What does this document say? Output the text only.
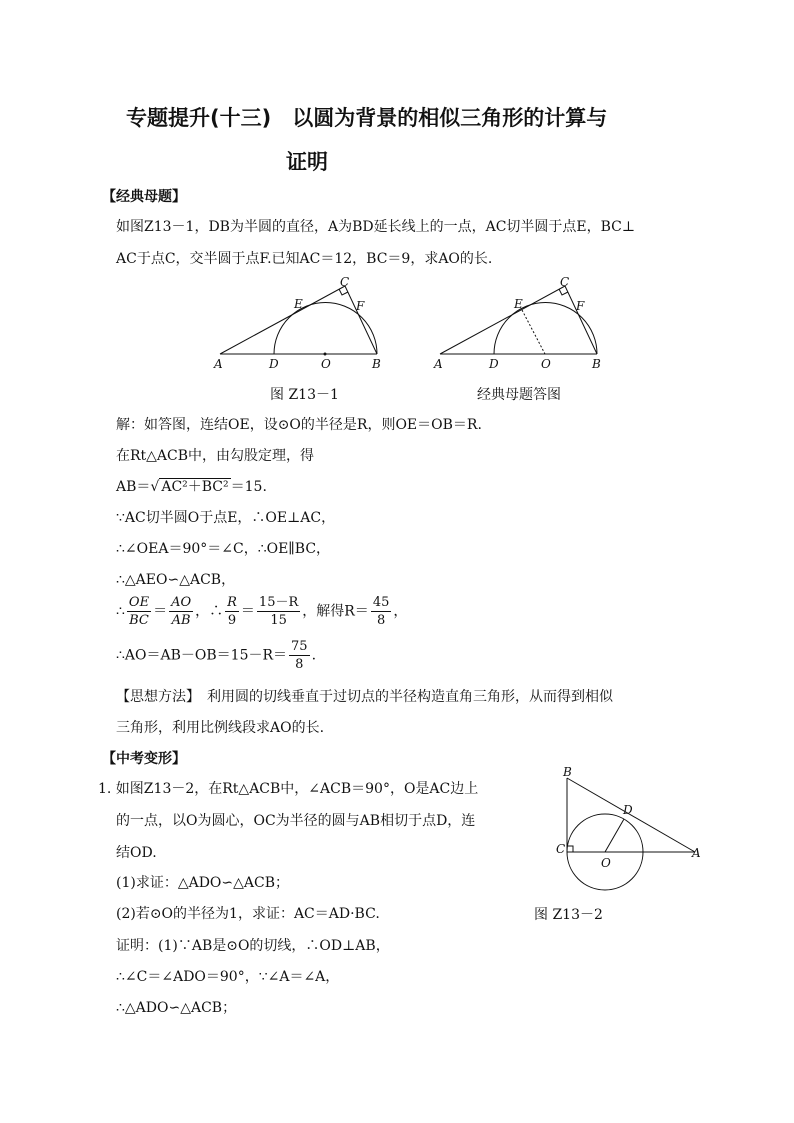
专题提升(十三)　以圆为背景的相似三角形的计算与
证明
【经典母题】
如图Z13－1，DB为半圆的直径，A为BD延长线上的一点，AC切半圆于点E，BC⊥
AC于点C，交半圆于点F.已知AC＝12，BC＝9，求AO的长.
A	D	O	B
C
E	F
图 Z13－1
A	D	O	B
C
E	F
经典母题答图
解：如答图，连结OE，设⊙O的半径是R，则OE＝OB＝R.
在Rt△ACB中，由勾股定理，得
AB＝√ AC²＋BC² ＝15.
∵AC切半圆O于点E，∴OE⊥AC，
∴∠OEA＝90°＝∠C，∴OE∥BC，
∴△AEO∽△ACB，
∴ $\frac{OE}{BC} = \frac{AO}{AB}$ ，∴ $\frac{R}{9} = \frac{15-R}{15}$ ，解得$R= \frac{45}{8}$ ，
∴AO＝AB－OB＝15－R＝ $\frac{75}{8}$ .
【思想方法】　利用圆的切线垂直于过切点的半径构造直角三角形，从而得到相似
三角形，利用比例线段求AO的长.
【中考变形】
1. 如图Z13－2，在Rt△ACB中，∠ACB＝90°，O是AC边上
的一点，以O为圆心，OC为半径的圆与AB相切于点D，连
结OD.
(1)求证：△ADO∽△ACB；
(2)若⊙O的半径为1，求证：AC＝AD·BC.
B
D
C
O
A
图 Z13－2
证明：(1)∵AB是⊙O的切线，∴OD⊥AB，
∴∠C＝∠ADO＝90°，∵∠A＝∠A，
∴△ADO∽△ACB；
